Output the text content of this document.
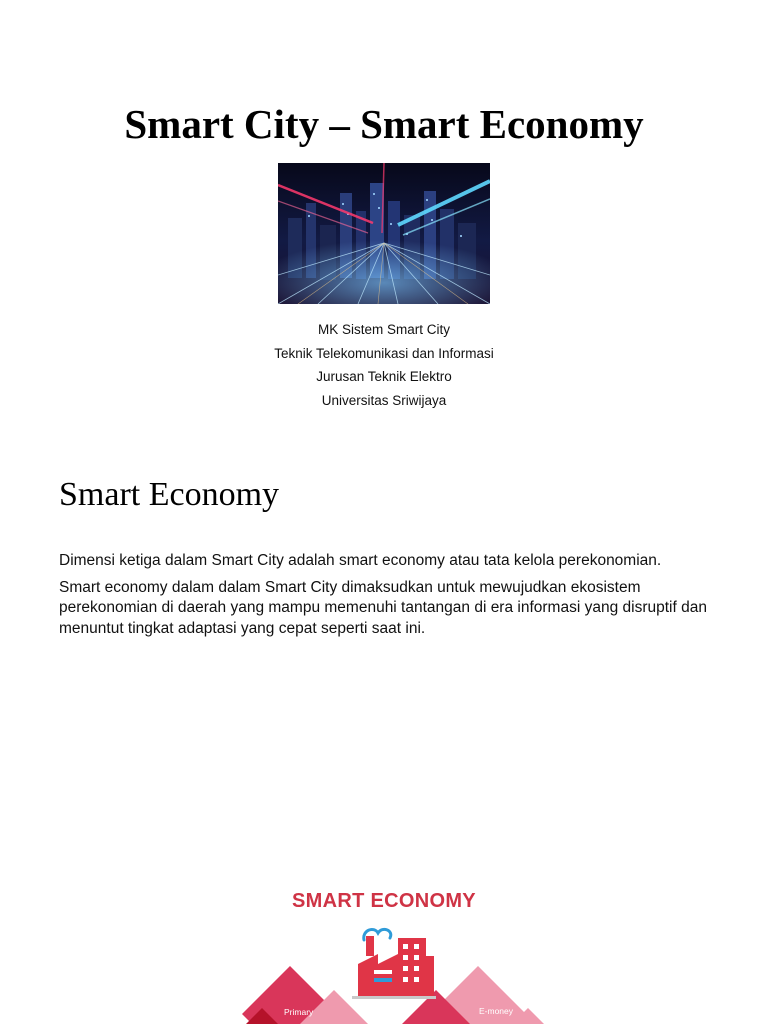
Smart City – Smart Economy
MK Sistem Smart City
Teknik Telekomunikasi dan Informasi
Jurusan Teknik Elektro
Universitas Sriwijaya
Smart Economy

Dimensi ketiga dalam Smart City adalah smart economy atau tata kelola perekonomian.

Smart economy dalam dalam Smart City dimaksudkan untuk mewujudkan ekosistem perekonomian di daerah yang mampu memenuhi tantangan di era informasi yang disruptif dan menuntut tingkat adaptasi yang cepat seperti saat ini.

SMART ECONOMY
Primary	E-money
